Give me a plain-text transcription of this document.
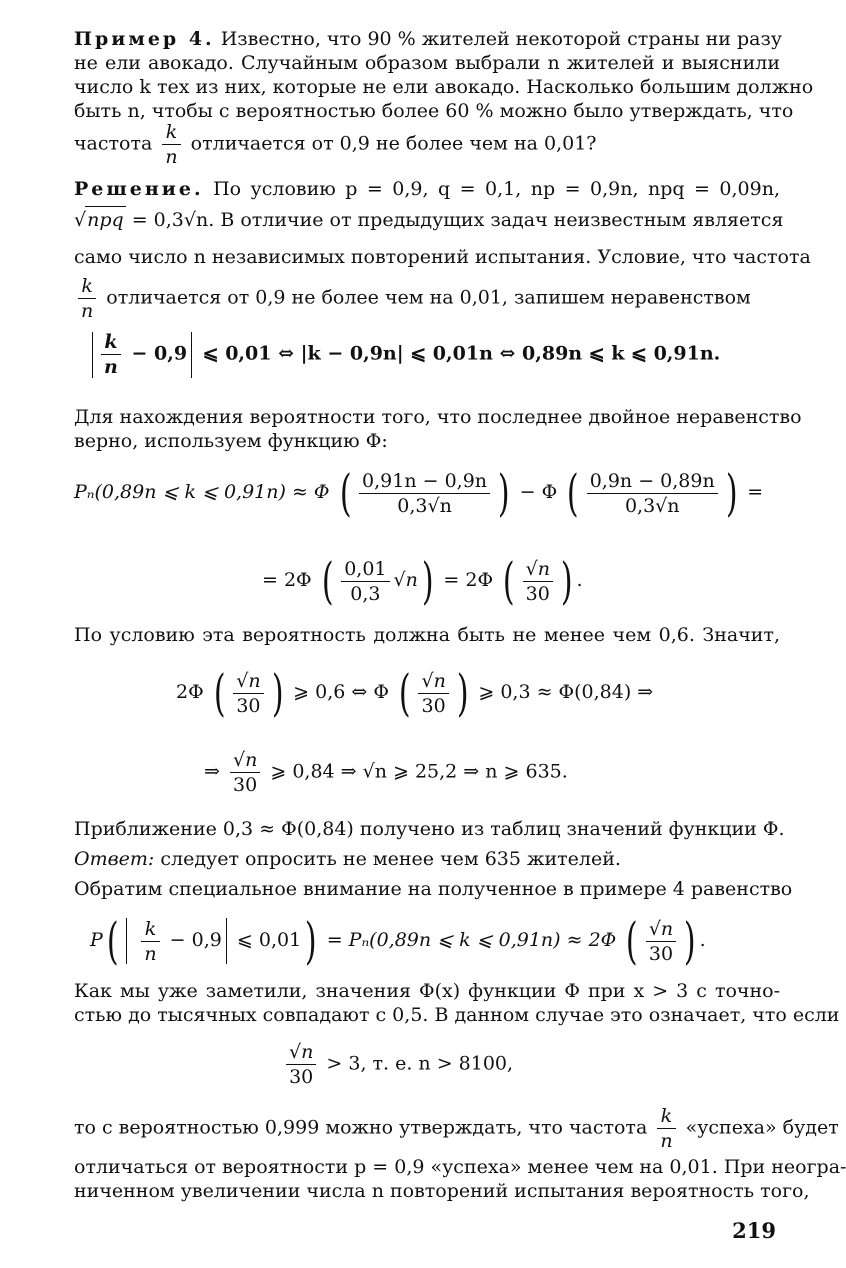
Пример 4. Известно, что 90 % жителей некоторой страны ни разу
не ели авокадо. Случайным образом выбрали n жителей и выяснили
число k тех из них, которые не ели авокадо. Насколько большим должно
быть n, чтобы с вероятностью более 60 % можно было утверждать, что
частота $\frac{k}{n}$ отличается от 0,9 не более чем на 0,01?
Решение. По условию p = 0,9, q = 0,1, np = 0,9n, npq = 0,09n,
√npq = 0,3√n. В отличие от предыдущих задач неизвестным является
само число n независимых повторений испытания. Условие, что частота
$\frac{k}{n}$ отличается от 0,9 не более чем на 0,01, запишем неравенством
$\frac{k}{n} - 0,9$ ⩽ 0,01 ⇔ |k − 0,9n| ⩽ 0,01n ⇔ 0,89n ⩽ k ⩽ 0,91n.
Для нахождения вероятности того, что последнее двойное неравенство
верно, используем функцию Φ:
Pₙ(0,89n ⩽ k ⩽ 0,91n) ≈ Φ ( $\frac{0,91n - 0,9n}{0,3√n}$ ) − Φ ( $\frac{0,9n - 0,89n}{0,3√n}$ ) =
= 2Φ ( $\frac{0,01}{0,3} √n) = 2\Phi$ ( $\frac{√n}{30}$ ) .
По условию эта вероятность должна быть не менее чем 0,6. Значит,
2Φ ( $\frac{√n}{30}$ ) ⩾ 0,6 ⇔ Φ ( $\frac{√n}{30}$ ) ⩾ 0,3 ≈ Φ(0,84) ⇒
⇒ $\frac{√n}{30}$ ⩾ 0,84 ⇒ √n ⩾ 25,2 ⇒ n ⩾ 635.
Приближение 0,3 ≈ Φ(0,84) получено из таблиц значений функции Φ.
Ответ: следует опросить не менее чем 635 жителей.
Обратим специальное внимание на полученное в примере 4 равенство
$P( \frac{k}{n} - 0,9$ ⩽ 0,01) = Pₙ(0,89n ⩽ k ⩽ 0,91n) ≈ 2Φ ( $\frac{√n}{30}$ ) .
Как мы уже заметили, значения Φ(x) функции Φ при x > 3 с точно-
стью до тысячных совпадают с 0,5. В данном случае это означает, что если
$\frac{√n}{30} > 3$, т. е. n > 8100,
то с вероятностью 0,999 можно утверждать, что частота $\frac{k}{n}$ «успеха» будет
отличаться от вероятности p = 0,9 «успеха» менее чем на 0,01. При неогра-
ниченном увеличении числа n повторений испытания вероятность того,
219
